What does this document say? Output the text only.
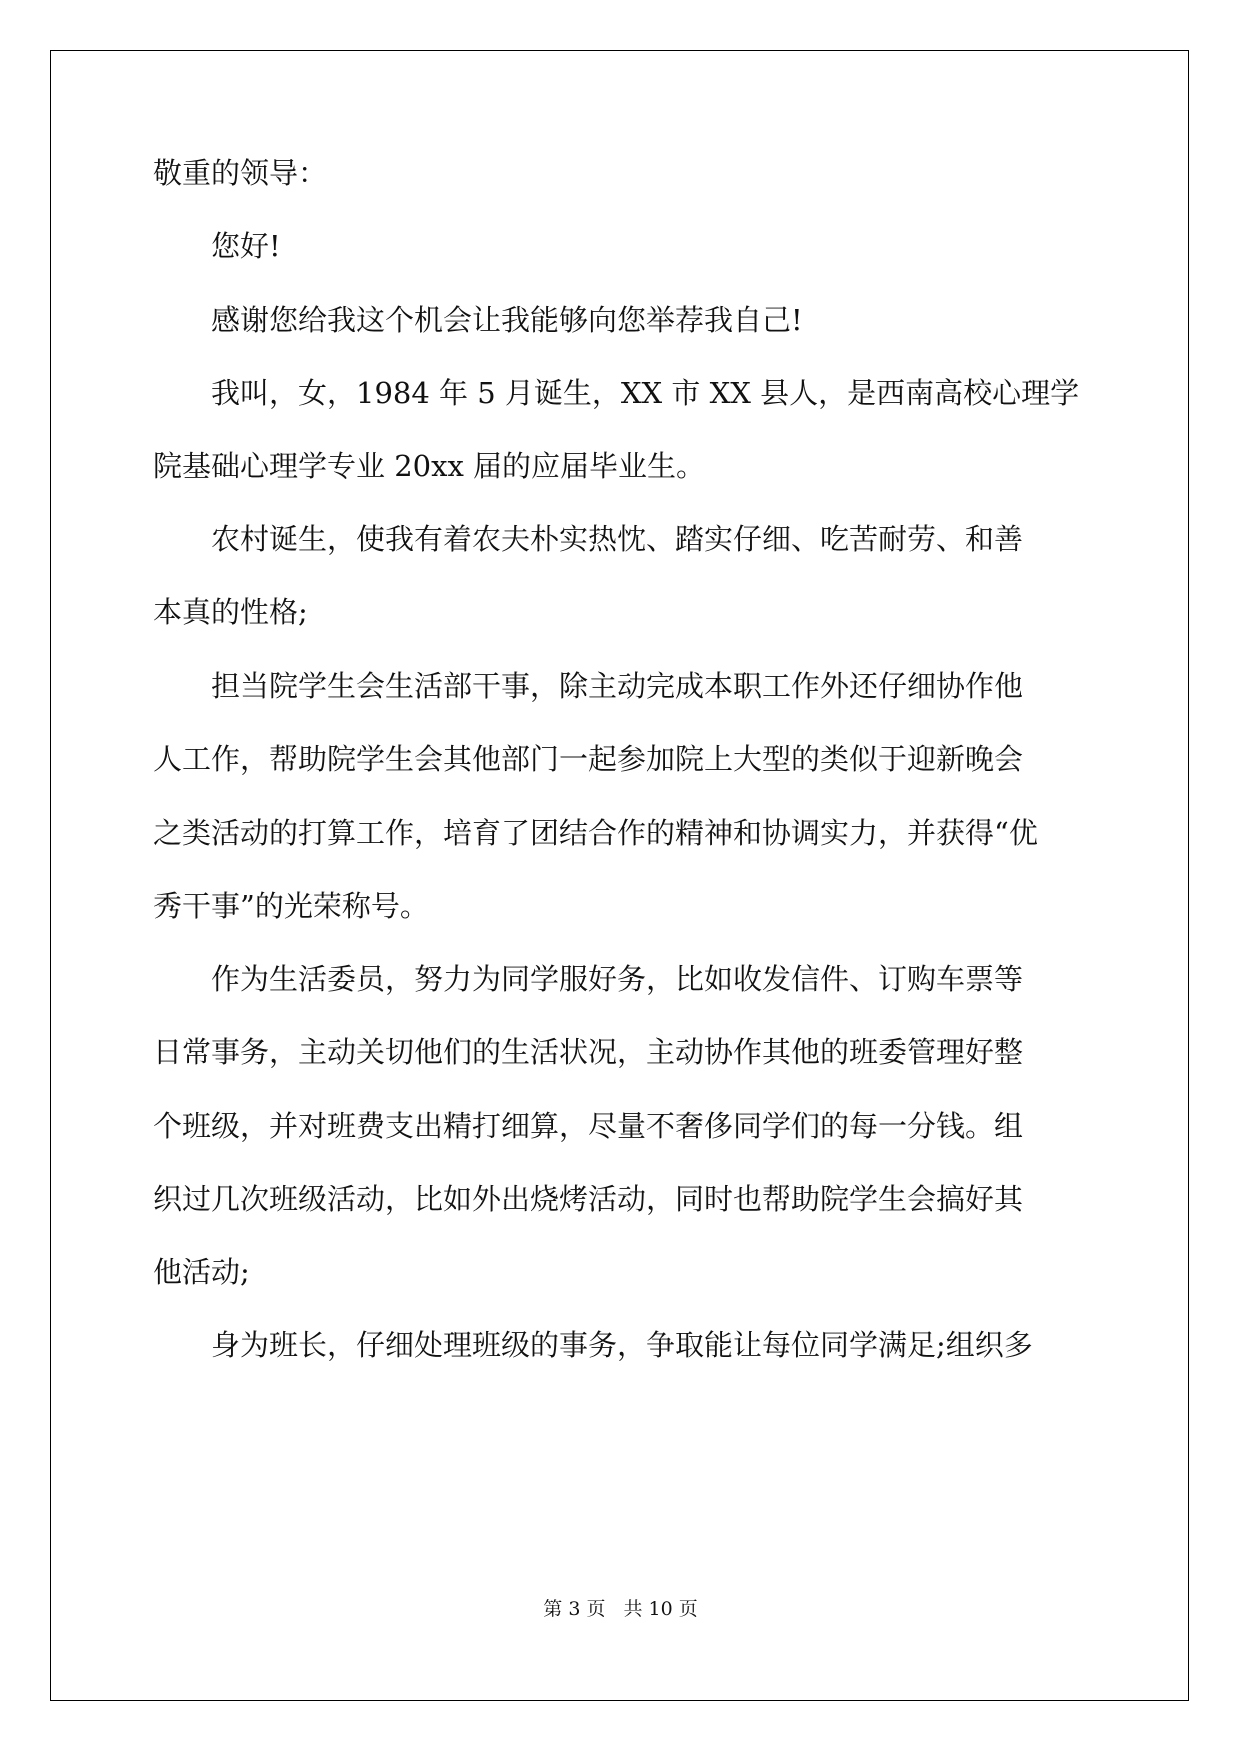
敬重的领导：
　　您好!
　　感谢您给我这个机会让我能够向您举荐我自己!
　　我叫，女，1984 年 5 月诞生，XX 市 XX 县人，是西南高校心理学
院基础心理学专业 20xx 届的应届毕业生。
　　农村诞生，使我有着农夫朴实热忱、踏实仔细、吃苦耐劳、和善
本真的性格;
　　担当院学生会生活部干事，除主动完成本职工作外还仔细协作他
人工作，帮助院学生会其他部门一起参加院上大型的类似于迎新晚会
之类活动的打算工作，培育了团结合作的精神和协调实力，并获得“优
秀干事”的光荣称号。
　　作为生活委员，努力为同学服好务，比如收发信件、订购车票等
日常事务，主动关切他们的生活状况，主动协作其他的班委管理好整
个班级，并对班费支出精打细算，尽量不奢侈同学们的每一分钱。组
织过几次班级活动，比如外出烧烤活动，同时也帮助院学生会搞好其
他活动;
　　身为班长，仔细处理班级的事务，争取能让每位同学满足;组织多
第 3 页 共 10 页
